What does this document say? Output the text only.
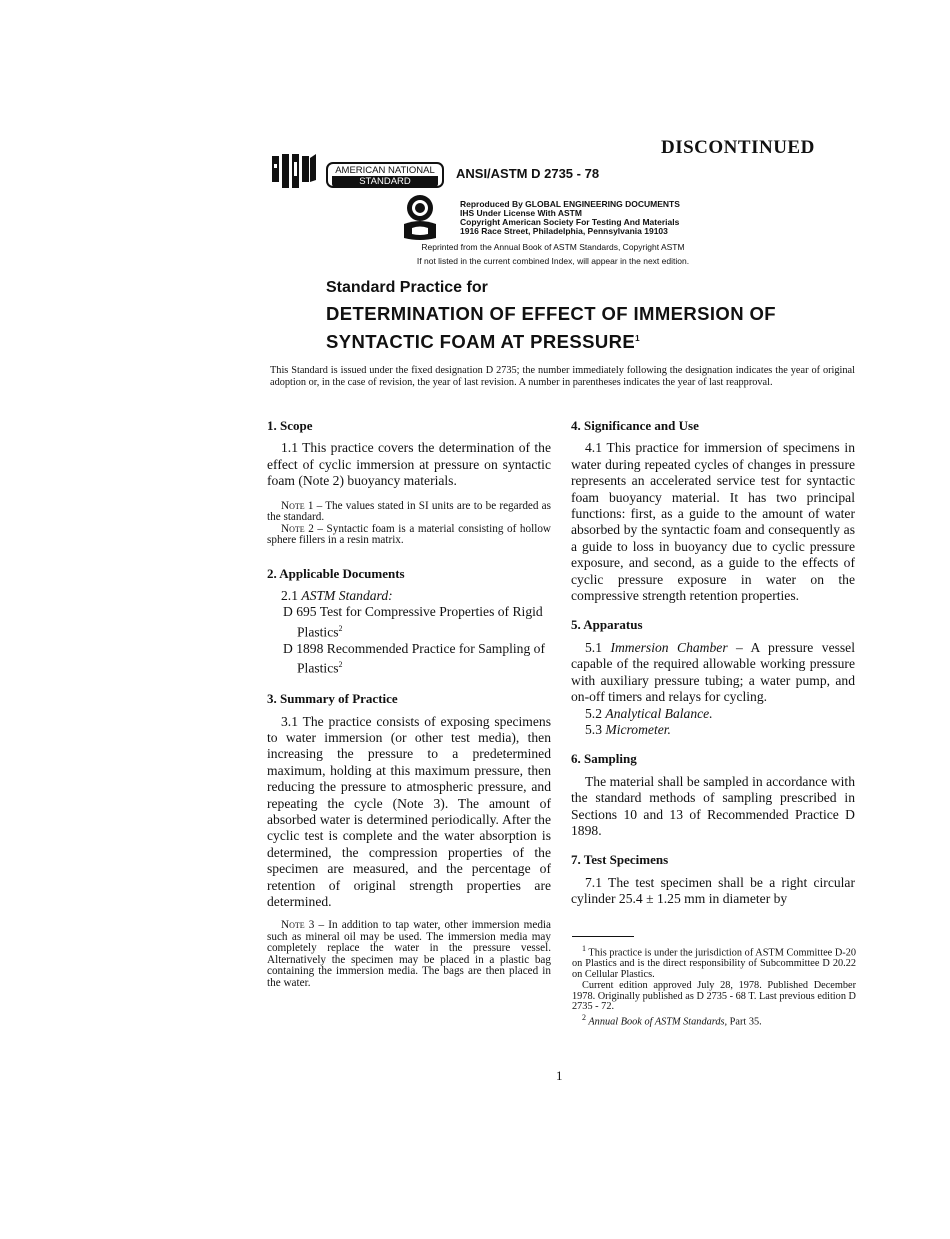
DISCONTINUED
AMERICAN NATIONAL
STANDARD
ANSI/ASTM D 2735 - 78
Reproduced By GLOBAL ENGINEERING DOCUMENTS
IHS Under License With ASTM
Copyright American Society For Testing And Materials
1916 Race Street, Philadelphia, Pennsylvania 19103
Reprinted from the Annual Book of ASTM Standards, Copyright ASTM
If not listed in the current combined Index, will appear in the next edition.
Standard Practice for
DETERMINATION OF EFFECT OF IMMERSION OF
SYNTACTIC FOAM AT PRESSURE$^1$
This Standard is issued under the fixed designation D 2735; the number immediately following the designation indicates the year of original adoption or, in the case of revision, the year of last revision. A number in parentheses indicates the year of last reapproval.
1. Scope

1.1 This practice covers the determination of the effect of cyclic immersion at pressure on syntactic foam (Note 2) buoyancy materials.

Note 1 – The values stated in SI units are to be regarded as the standard.

Note 2 – Syntactic foam is a material consisting of hollow sphere fillers in a resin matrix.

2. Applicable Documents

2.1 ASTM Standard:

D 695 Test for Compressive Properties of Rigid Plastics$^2$

D 1898 Recommended Practice for Sampling of Plastics$^2$

3. Summary of Practice

3.1 The practice consists of exposing specimens to water immersion (or other test media), then increasing the pressure to a predetermined maximum, holding at this maximum pressure, then reducing the pressure to atmospheric pressure, and repeating the cycle (Note 3). The amount of absorbed water is determined periodically. After the cyclic test is complete and the water absorption is determined, the compression properties of the specimen are measured, and the percentage of retention of original strength properties are determined.

Note 3 – In addition to tap water, other immersion media such as mineral oil may be used. The immersion media may completely replace the water in the pressure vessel. Alternatively the specimen may be placed in a plastic bag containing the immersion media. The bags are then placed in the water.

4. Significance and Use

4.1 This practice for immersion of specimens in water during repeated cycles of changes in pressure represents an accelerated service test for syntactic foam buoyancy material. It has two principal functions: first, as a guide to the amount of water absorbed by the syntactic foam and consequently as a guide to loss in buoyancy due to cyclic pressure exposure, and second, as a guide to the effects of cyclic pressure exposure in water on the compressive strength retention properties.

5. Apparatus

5.1 Immersion Chamber – A pressure vessel capable of the required allowable working pressure with auxiliary pressure tubing; a water pump, and on-off timers and relays for cycling.

5.2 Analytical Balance.

5.3 Micrometer.

6. Sampling

The material shall be sampled in accordance with the standard methods of sampling prescribed in Sections 10 and 13 of Recommended Practice D 1898.

7. Test Specimens

7.1 The test specimen shall be a right circular cylinder 25.4 ± 1.25 mm in diameter by

$^1$ This practice is under the jurisdiction of ASTM Committee D-20 on Plastics and is the direct responsibility of Subcommittee D 20.22 on Cellular Plastics.

Current edition approved July 28, 1978. Published December 1978. Originally published as D 2735 - 68 T. Last previous edition D 2735 - 72.

$^2$ Annual Book of ASTM Standards, Part 35.

1
